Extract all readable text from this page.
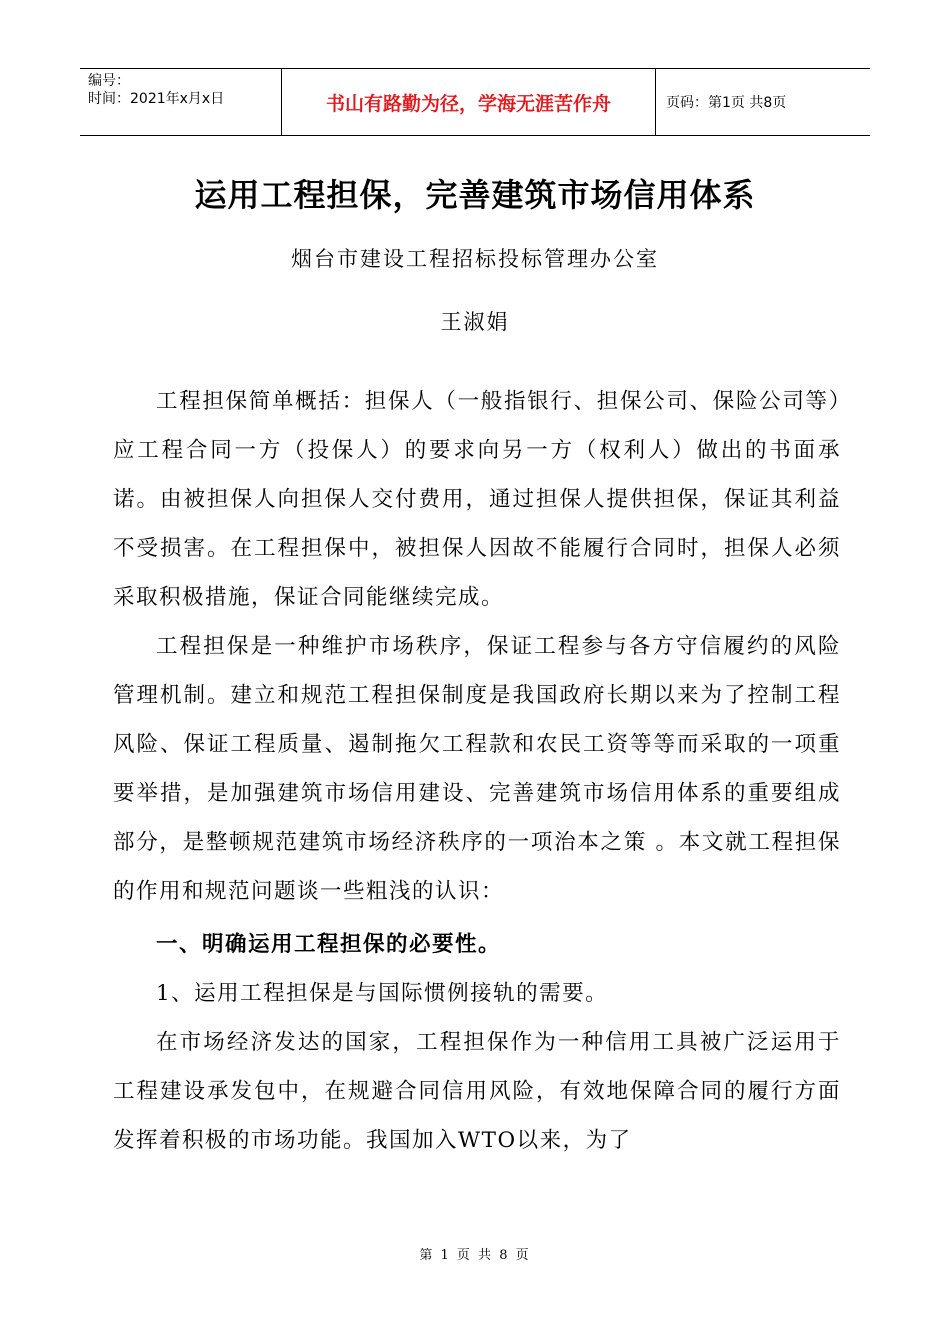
编号：
时间：2021年x月x日	书山有路勤为径，学海无涯苦作舟	页码：第1页 共8页
运用工程担保，完善建筑市场信用体系
烟台市建设工程招标投标管理办公室
王淑娟

工程担保简单概括：担保人（一般指银行、担保公司、保险公司等）应工程合同一方（投保人）的要求向另一方（权利人）做出的书面承诺。由被担保人向担保人交付费用，通过担保人提供担保，保证其利益不受损害。在工程担保中，被担保人因故不能履行合同时，担保人必须采取积极措施，保证合同能继续完成。

工程担保是一种维护市场秩序，保证工程参与各方守信履约的风险管理机制。建立和规范工程担保制度是我国政府长期以来为了控制工程风险、保证工程质量、遏制拖欠工程款和农民工资等等而采取的一项重要举措，是加强建筑市场信用建设、完善建筑市场信用体系的重要组成部分，是整顿规范建筑市场经济秩序的一项治本之策 。本文就工程担保的作用和规范问题谈一些粗浅的认识：

一、明确运用工程担保的必要性。

1、运用工程担保是与国际惯例接轨的需要。

在市场经济发达的国家，工程担保作为一种信用工具被广泛运用于工程建设承发包中，在规避合同信用风险，有效地保障合同的履行方面发挥着积极的市场功能。我国加入WTO以来，为了

第 1 页 共 8 页
